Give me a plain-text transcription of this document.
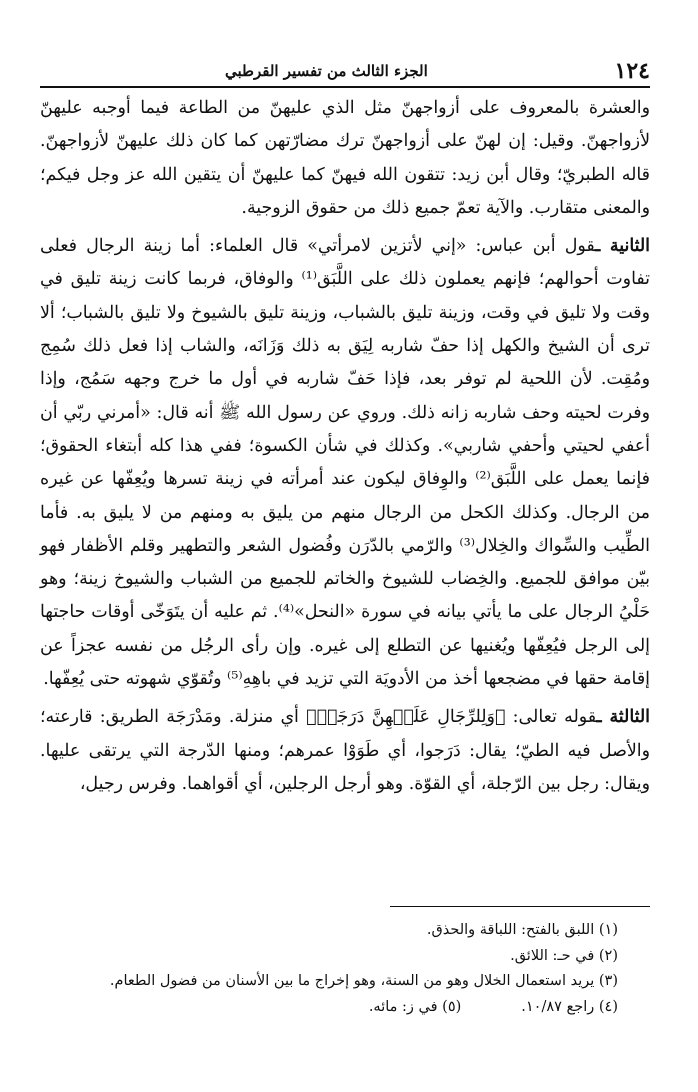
الجزء الثالث من تفسير القرطبي	١٢٤

والعشرة بالمعروف على أزواجهنّ مثل الذي عليهنّ من الطاعة فيما أوجبه عليهنّ لأزواجهنّ. وقيل: إن لهنّ على أزواجهنّ ترك مضارّتهن كما كان ذلك عليهنّ لأزواجهنّ. قاله الطبريّ؛ وقال أبن زيد: تتقون الله فيهنّ كما عليهنّ أن يتقين الله عز وجل فيكم؛ والمعنى متقارب. والآية تعمّ جميع ذلك من حقوق الزوجية.

الثانية ـقول أبن عباس: «إني لأتزين لامرأتي» قال العلماء: أما زينة الرجال فعلى تفاوت أحوالهم؛ فإنهم يعملون ذلك على اللَّبَق⁽¹⁾ والوفاق، فربما كانت زينة تليق في وقت ولا تليق في وقت، وزينة تليق بالشباب، وزينة تليق بالشيوخ ولا تليق بالشباب؛ ألا ترى أن الشيخ والكهل إذا حفّ شاربه لِيَق به ذلك وَزَانَه، والشاب إذا فعل ذلك سُمِج ومُقِت. لأن اللحية لم توفر بعد، فإذا حَفّ شاربه في أول ما خرج وجهه سَمُج، وإذا وفرت لحيته وحف شاربه زانه ذلك. وروي عن رسول الله ﷺ أنه قال: «أمرني ربّي أن أعفي لحيتي وأحفي شاربي». وكذلك في شأن الكسوة؛ ففي هذا كله أبتغاء الحقوق؛ فإنما يعمل على اللَّبَق⁽²⁾ والوِفاق ليكون عند أمرأته في زينة تسرها ويُعِفّها عن غيره من الرجال. وكذلك الكحل من الرجال منهم من يليق به ومنهم من لا يليق به. فأما الطِّيب والسِّواك والخِلال⁽³⁾ والرّمي بالدّرَن وفُضول الشعر والتطهير وقلم الأظفار فهو بيّن موافق للجميع. والخِضاب للشيوخ والخاتم للجميع من الشباب والشيوخ زينة؛ وهو حَلْيُ الرجال على ما يأتي بيانه في سورة «النحل»⁽⁴⁾. ثم عليه أن يتَوَخّى أوقات حاجتها إلى الرجل فيُعِفّها ويُغنيها عن التطلع إلى غيره. وإن رأى الرجُل من نفسه عجزاً عن إقامة حقها في مضجعها أخذ من الأدويَة التي تزيد في باهِهِ⁽⁵⁾ وتُقوّي شهوته حتى يُعِفّها.

الثالثة ـقوله تعالى: ﴿وَلِلرِّجَالِ عَلَيۡهِنَّ دَرَجَةٞ﴾ أي منزلة. ومَدْرَجَة الطريق: قارعته؛ والأصل فيه الطيّ؛ يقال: دَرَجوا، أي طَوَوْا عمرهم؛ ومنها الدّرجة التي يرتقى عليها. ويقال: رجل بين الرّجلة، أي القوّة. وهو أرجل الرجلين، أي أقواهما. وفرس رجيل،

(١) اللبق بالفتح: اللباقة والحذق.

(٢) في حـ: اللائق.

(٣) يريد استعمال الخلال وهو من السنة، وهو إخراج ما بين الأسنان من فضول الطعام.

(٤) راجع ١٠/٨٧.
(٥) في ز: مائه.
